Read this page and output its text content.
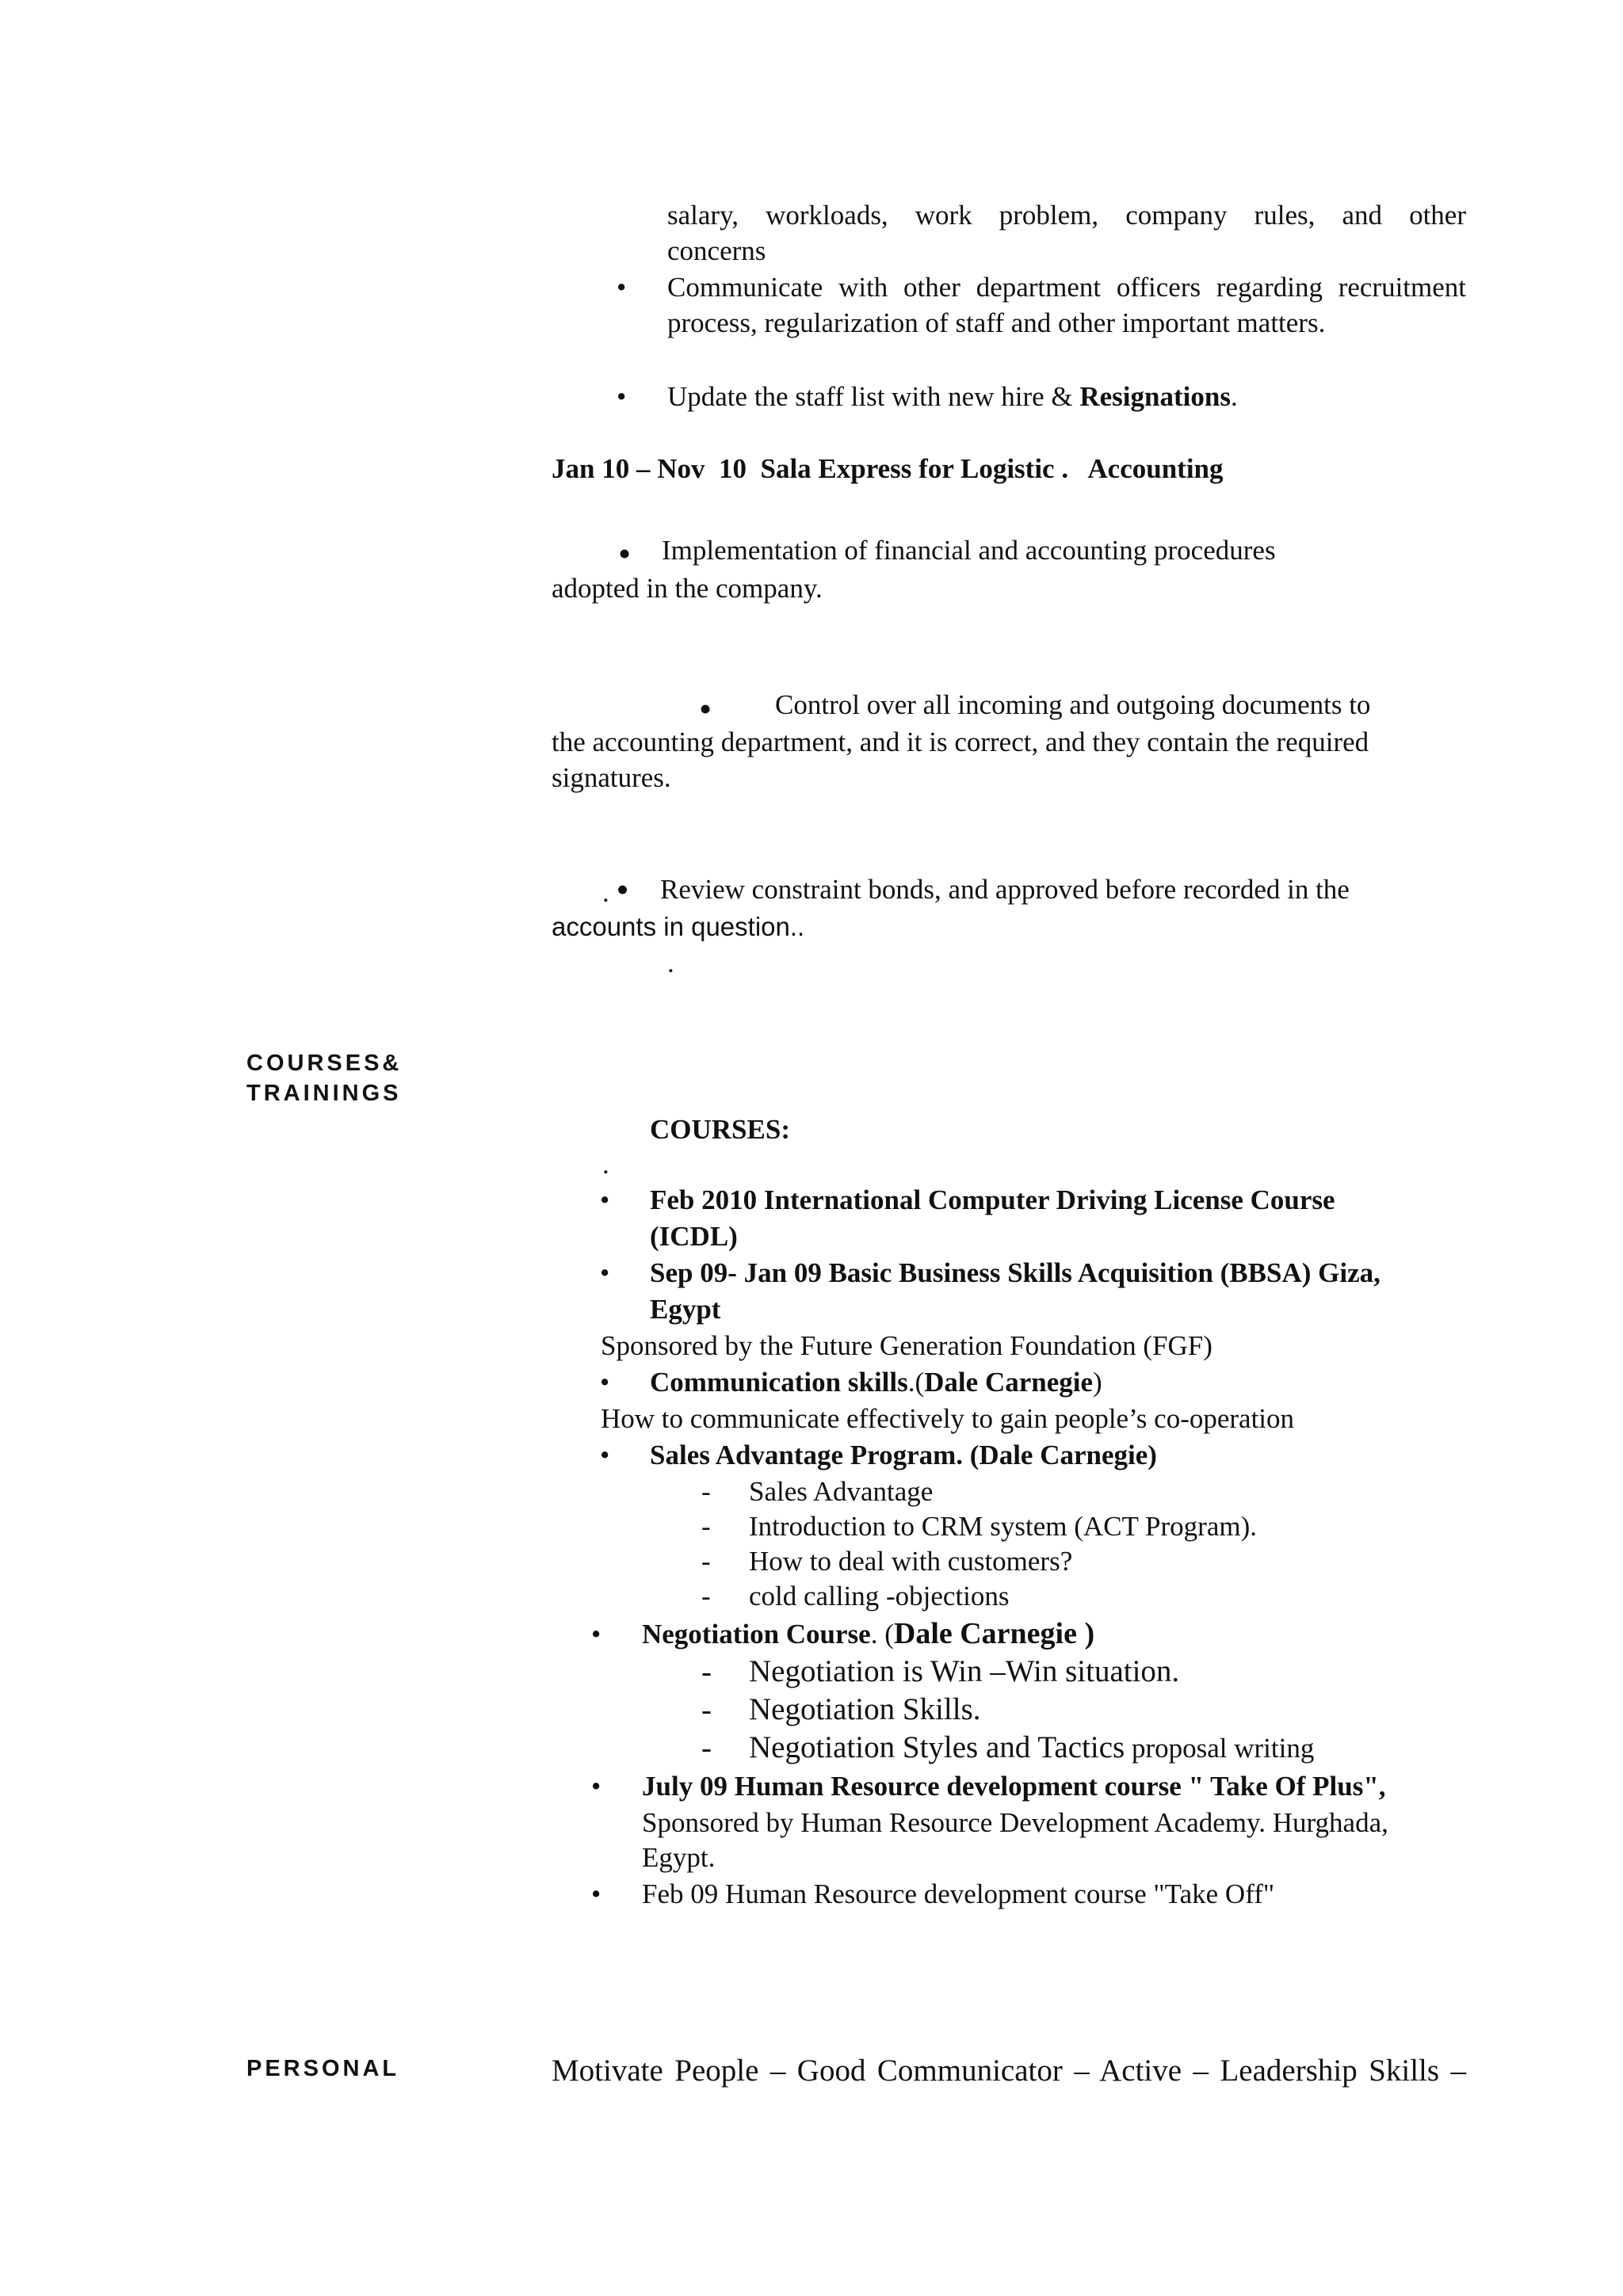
salary, workloads, work problem, company rules, and other
concerns
• Communicate with other department officers regarding recruitment process, regularization of staff and other important matters.
• Update the staff list with new hire & Resignations.
Jan 10 – Nov  10  Sala Express for Logistic .   Accounting
• Implementation of financial and accounting procedures
adopted in the company.
• Control over all incoming and outgoing documents to
the accounting department, and it is correct, and they contain the required
signatures.
. • Review constraint bonds, and approved before recorded in the
accounts in question..
.
COURSES&
TRAININGS
COURSES:
.
• Feb 2010 International Computer Driving License Course
(ICDL)
• Sep 09- Jan 09 Basic Business Skills Acquisition (BBSA) Giza,
Egypt
Sponsored by the Future Generation Foundation (FGF)
• Communication skills.(Dale Carnegie)
How to communicate effectively to gain people’s co-operation
• Sales Advantage Program. (Dale Carnegie)
- Sales Advantage
- Introduction to CRM system (ACT Program).
- How to deal with customers?
- cold calling -objections
• Negotiation Course. (Dale Carnegie )
- Negotiation is Win –Win situation.
- Negotiation Skills.
- Negotiation Styles and Tactics proposal writing
• July 09 Human Resource development course " Take Of Plus",
Sponsored by Human Resource Development Academy. Hurghada,
Egypt.
• Feb 09 Human Resource development course "Take Off"
PERSONAL	Motivate People – Good Communicator – Active – Leadership Skills –
